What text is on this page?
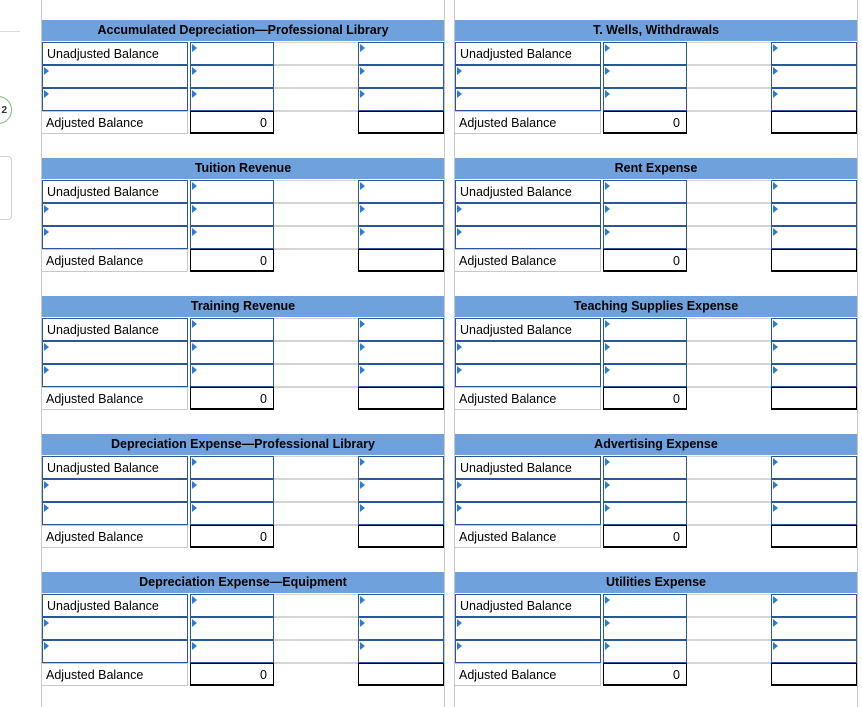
2
Accumulated Depreciation—Professional Library
Unadjusted Balance
Adjusted Balance	0
Tuition Revenue
Unadjusted Balance
Adjusted Balance	0
Training Revenue
Unadjusted Balance
Adjusted Balance	0
Depreciation Expense—Professional Library
Unadjusted Balance
Adjusted Balance	0
Depreciation Expense—Equipment
Unadjusted Balance
Adjusted Balance	0
T. Wells, Withdrawals
Unadjusted Balance
Adjusted Balance	0
Rent Expense
Unadjusted Balance
Adjusted Balance	0
Teaching Supplies Expense
Unadjusted Balance
Adjusted Balance	0
Advertising Expense
Unadjusted Balance
Adjusted Balance	0
Utilities Expense
Unadjusted Balance
Adjusted Balance	0
